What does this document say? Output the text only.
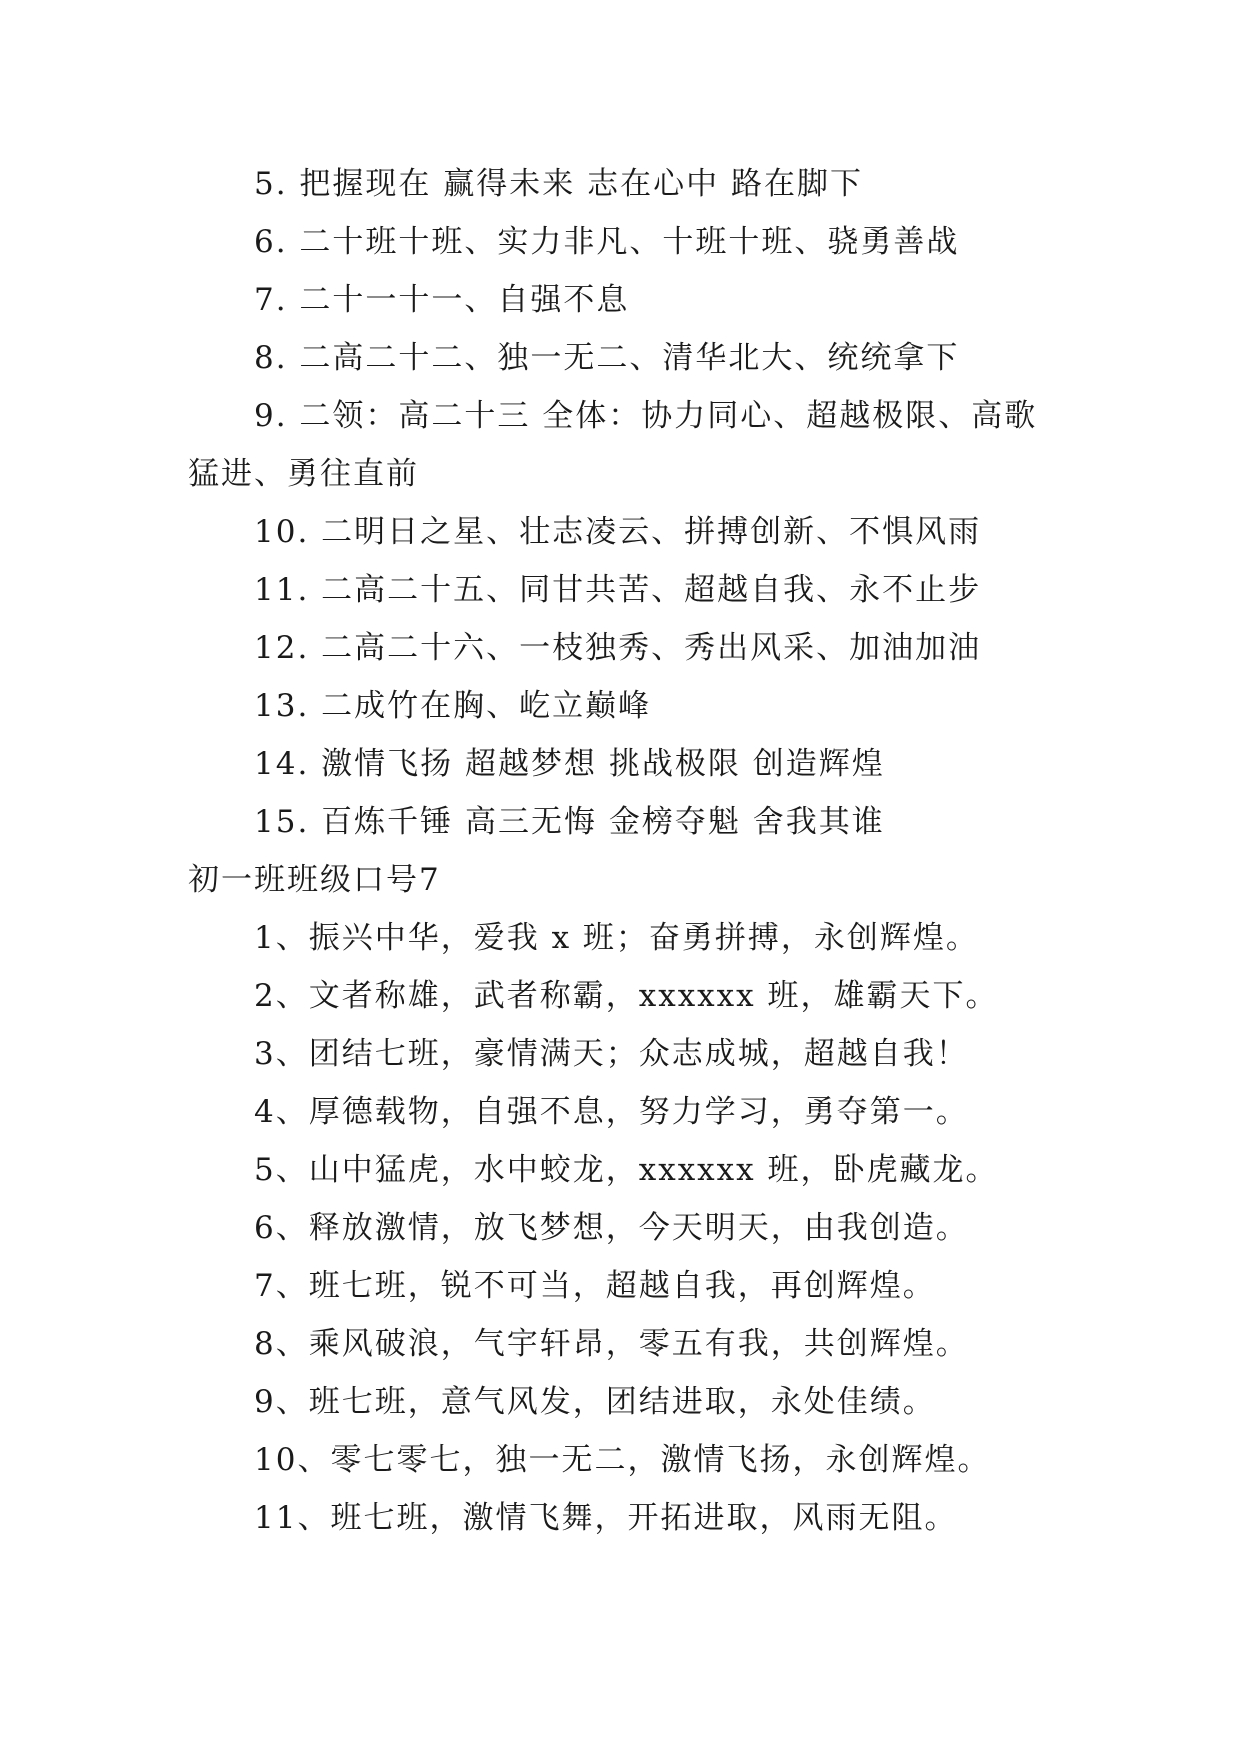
5. 把握现在 赢得未来 志在心中 路在脚下
6. 二十班十班、实力非凡、十班十班、骁勇善战
7. 二十一十一、自强不息
8. 二高二十二、独一无二、清华北大、统统拿下
9. 二领：高二十三 全体：协力同心、超越极限、高歌
猛进、勇往直前
10. 二明日之星、壮志凌云、拼搏创新、不惧风雨
11. 二高二十五、同甘共苦、超越自我、永不止步
12. 二高二十六、一枝独秀、秀出风采、加油加油
13. 二成竹在胸、屹立巅峰
14. 激情飞扬 超越梦想 挑战极限 创造辉煌
15. 百炼千锤 高三无悔 金榜夺魁 舍我其谁
初一班班级口号7
1、振兴中华，爱我 x 班；奋勇拼搏，永创辉煌。
2、文者称雄，武者称霸，xxxxxx 班，雄霸天下。
3、团结七班，豪情满天；众志成城，超越自我！
4、厚德载物，自强不息，努力学习，勇夺第一。
5、山中猛虎，水中蛟龙，xxxxxx 班，卧虎藏龙。
6、释放激情，放飞梦想，今天明天，由我创造。
7、班七班，锐不可当，超越自我，再创辉煌。
8、乘风破浪，气宇轩昂，零五有我，共创辉煌。
9、班七班，意气风发，团结进取，永处佳绩。
10、零七零七，独一无二，激情飞扬，永创辉煌。
11、班七班，激情飞舞，开拓进取，风雨无阻。
